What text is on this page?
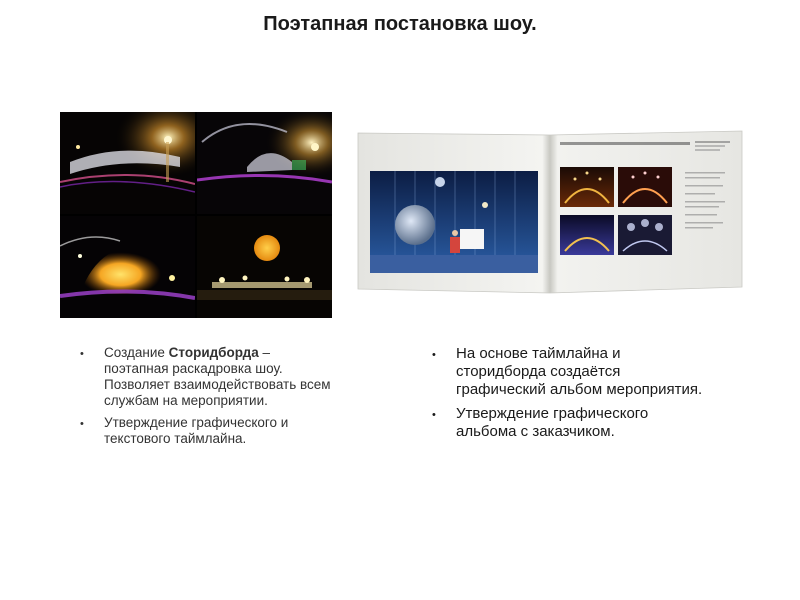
Поэтапная постановка шоу.
• Создание Сторидборда – поэтапная раскадровка шоу. Позволяет взаимодействовать всем службам на мероприятии.
• Утверждение графического и текстового таймлайна.
• На основе таймлайна и сторидборда создаётся графический альбом мероприятия.
• Утверждение графического альбома с заказчиком.
